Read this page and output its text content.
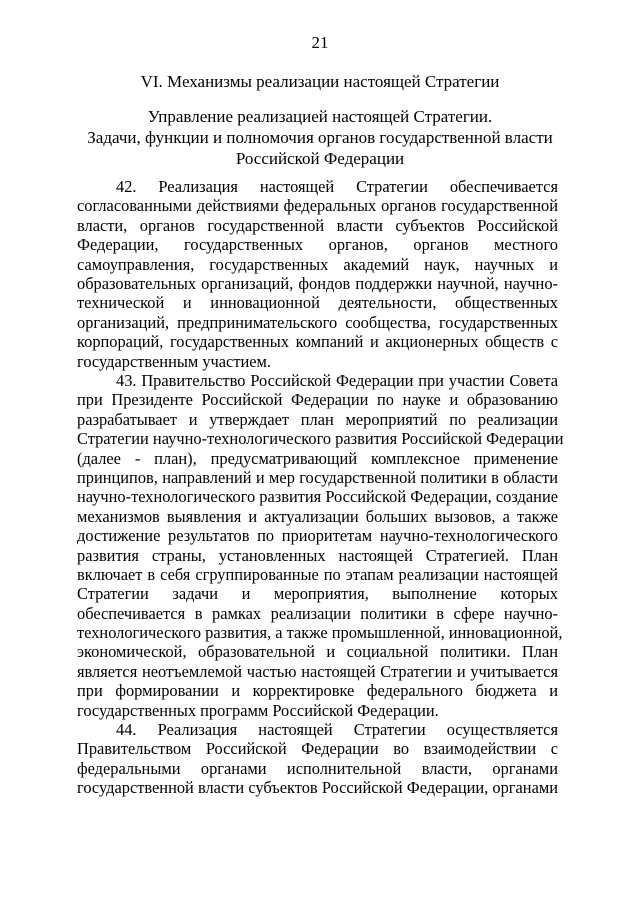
21
VI. Механизмы реализации настоящей Стратегии
Управление реализацией настоящей Стратегии.
Задачи, функции и полномочия органов государственной власти
Российской Федерации
42. Реализация настоящей Стратегии обеспечивается
согласованными действиями федеральных органов государственной
власти, органов государственной власти субъектов Российской
Федерации, государственных органов, органов местного
самоуправления, государственных академий наук, научных и
образовательных организаций, фондов поддержки научной, научно-
технической и инновационной деятельности, общественных
организаций, предпринимательского сообщества, государственных
корпораций, государственных компаний и акционерных обществ с
государственным участием.
43. Правительство Российской Федерации при участии Совета
при Президенте Российской Федерации по науке и образованию
разрабатывает и утверждает план мероприятий по реализации
Стратегии научно-технологического развития Российской Федерации
(далее - план), предусматривающий комплексное применение
принципов, направлений и мер государственной политики в области
научно-технологического развития Российской Федерации, создание
механизмов выявления и актуализации больших вызовов, а также
достижение результатов по приоритетам научно-технологического
развития страны, установленных настоящей Стратегией. План
включает в себя сгруппированные по этапам реализации настоящей
Стратегии задачи и мероприятия, выполнение которых
обеспечивается в рамках реализации политики в сфере научно-
технологического развития, а также промышленной, инновационной,
экономической, образовательной и социальной политики. План
является неотъемлемой частью настоящей Стратегии и учитывается
при формировании и корректировке федерального бюджета и
государственных программ Российской Федерации.
44. Реализация настоящей Стратегии осуществляется
Правительством Российской Федерации во взаимодействии с
федеральными органами исполнительной власти, органами
государственной власти субъектов Российской Федерации, органами
